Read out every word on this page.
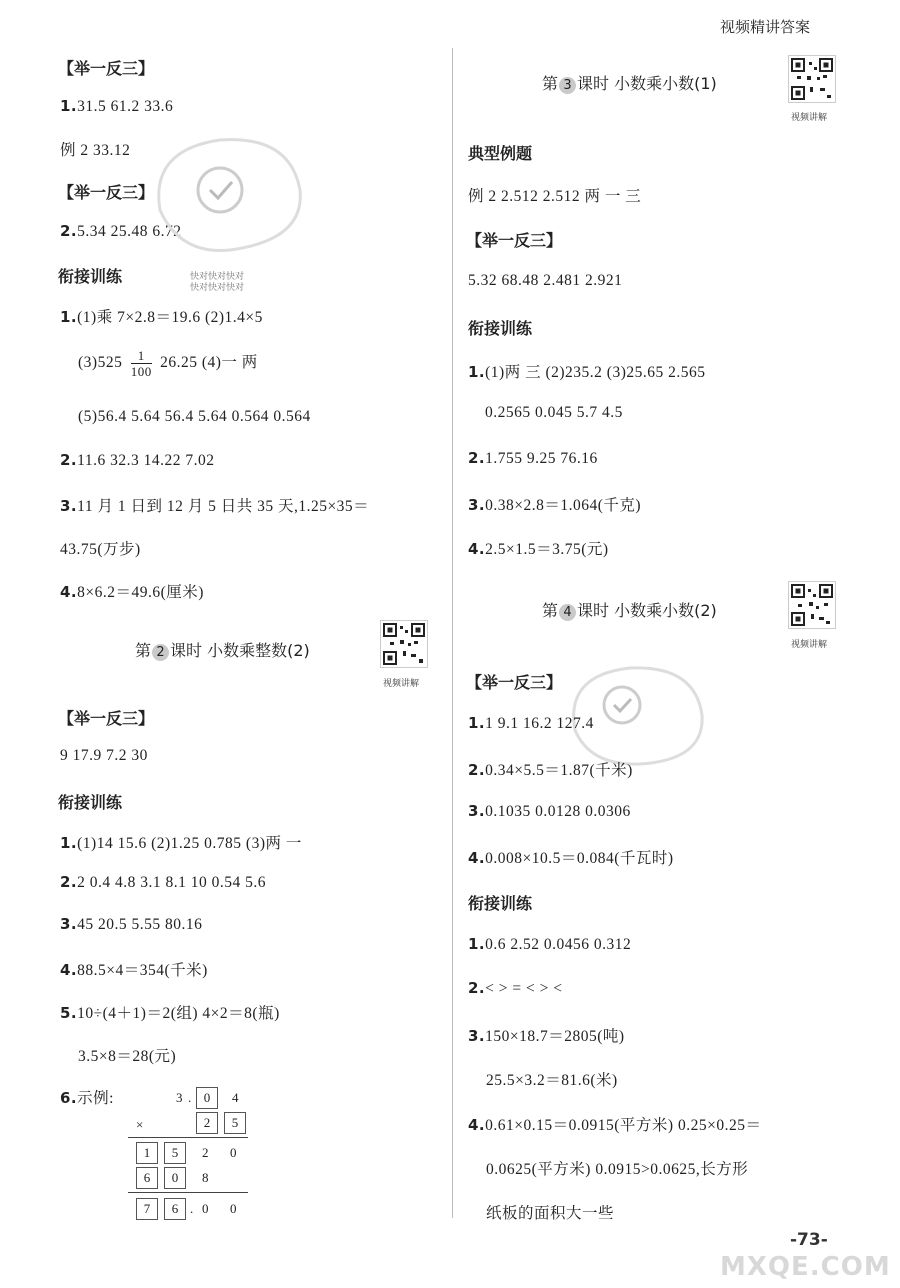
视频精讲答案
【举一反三】
1.31.5 61.2 33.6
例 2 33.12
【举一反三】
2.5.34 25.48 6.72
快对快对快对
快对快对快对
衔接训练
1.(1)乘 7×2.8＝19.6 (2)1.4×5
$(3)525 \frac{1}{100} 26.25$ (4)一 两
(5)56.4 5.64 56.4 5.64 0.564 0.564
2.11.6 32.3 14.22 7.02
3.11 月 1 日到 12 月 5 日共 35 天,1.25×35＝
43.75(万步)
4.8×6.2＝49.6(厘米)
第 2 课时 小数乘整数(2)
视频讲解
【举一反三】
9 17.9 7.2 30
衔接训练
1.(1)14 15.6 (2)1.25 0.785 (3)两 一
2.2 0.4 4.8 3.1 8.1 10 0.54 5.6
3.45 20.5 5.55 80.16
4.88.5×4＝354(千米)
5.10÷(4＋1)＝2(组) 4×2＝8(瓶)
3.5×8＝28(元)
6.示例:	3 . 0	4
×	2	5
1	5	2 0
6	0	8
7	6 . 0 0
第 3 课时 小数乘小数(1)
视频讲解
典型例题
例 2 2.512 2.512 两 一 三
【举一反三】
5.32 68.48 2.481 2.921
衔接训练
1.(1)两 三 (2)235.2 (3)25.65 2.565
0.2565 0.045 5.7 4.5
2.1.755 9.25 76.16
3.0.38×2.8＝1.064(千克)
4.2.5×1.5＝3.75(元)
第 4 课时 小数乘小数(2)
视频讲解
【举一反三】
1.1 9.1 16.2 127.4
2.0.34×5.5＝1.87(千米)
3.0.1035 0.0128 0.0306
4.0.008×10.5＝0.084(千瓦时)
衔接训练
1.0.6 2.52 0.0456 0.312
2.< > = < > <
3.150×18.7＝2805(吨)
25.5×3.2＝81.6(米)
4.0.61×0.15＝0.0915(平方米) 0.25×0.25＝
0.0625(平方米) 0.0915>0.0625,长方形
纸板的面积大一些
-73-
MXQE.COM
